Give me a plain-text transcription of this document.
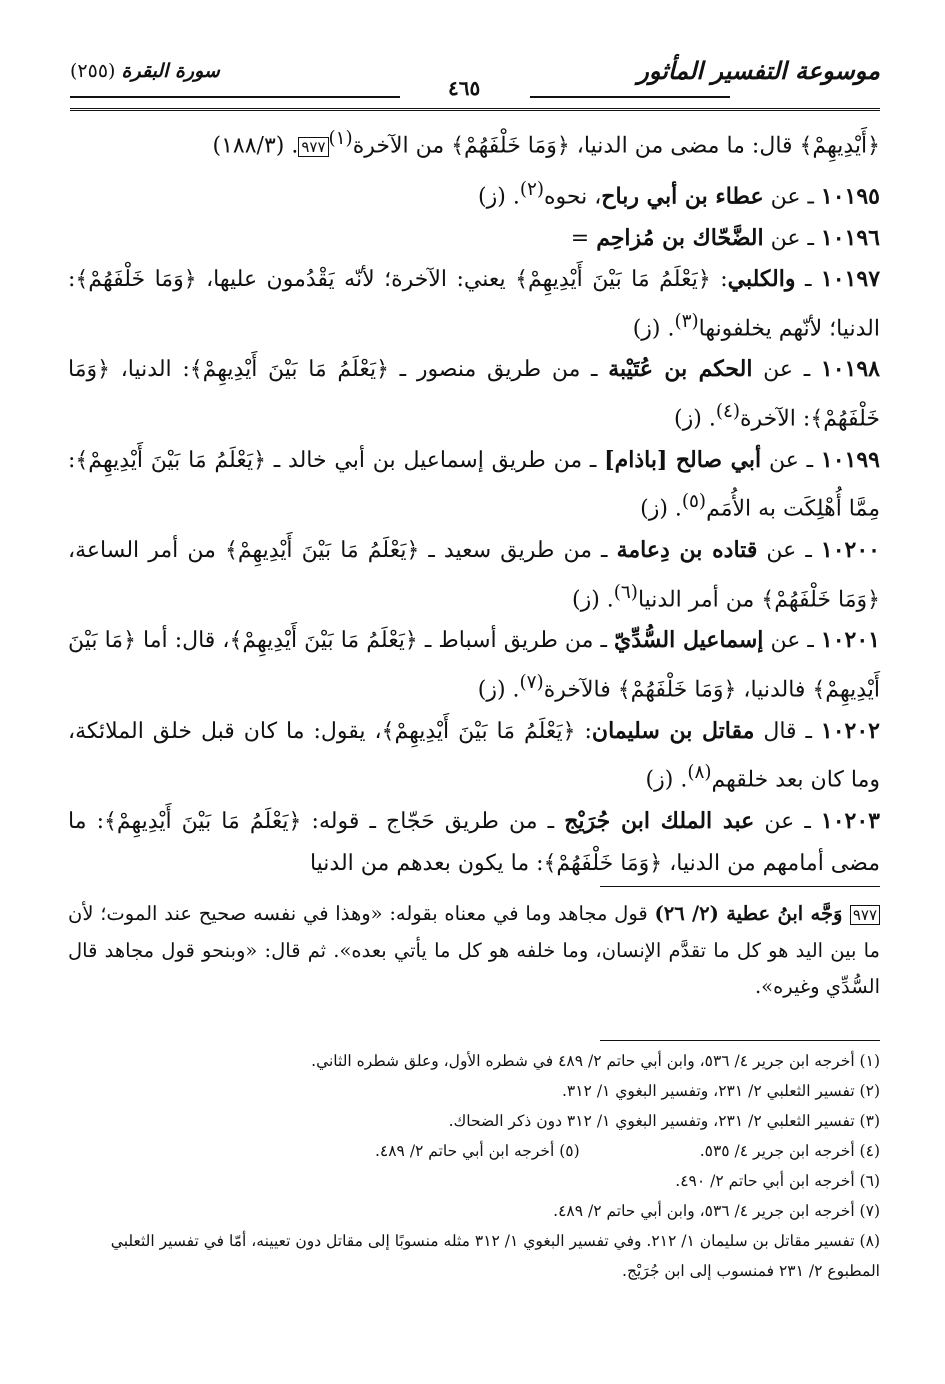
موسوعة التفسير المأثور
سورة البقرة (٢٥٥)
٤٦٥

﴿أَيْدِيهِمْ﴾ قال: ما مضى من الدنيا، ﴿وَمَا خَلْفَهُمْ﴾ من الآخرة$^{(١)}$٩٧٧. (١٨٨/٣)

١٠١٩٥ ـ عن عطاء بن أبي رباح، نحوه$^{(٢)}$. (ز)

١٠١٩٦ ـ عن الضَّحّاك بن مُزاحِم =

١٠١٩٧ ـ والكلبي: ﴿يَعْلَمُ مَا بَيْنَ أَيْدِيهِمْ﴾ يعني: الآخرة؛ لأنّه يَقْدُمون عليها، ﴿وَمَا خَلْفَهُمْ﴾: الدنيا؛ لأنّهم يخلفونها$^{(٣)}$. (ز)

١٠١٩٨ ـ عن الحكم بن عُتَيْبة ـ من طريق منصور ـ ﴿يَعْلَمُ مَا بَيْنَ أَيْدِيهِمْ﴾: الدنيا، ﴿وَمَا خَلْفَهُمْ﴾: الآخرة$^{(٤)}$. (ز)

١٠١٩٩ ـ عن أبي صالح [باذام] ـ من طريق إسماعيل بن أبي خالد ـ ﴿يَعْلَمُ مَا بَيْنَ أَيْدِيهِمْ﴾: مِمَّا أُهْلِكَت به الأُمَم$^{(٥)}$. (ز)

١٠٢٠٠ ـ عن قتاده بن دِعامة ـ من طريق سعيد ـ ﴿يَعْلَمُ مَا بَيْنَ أَيْدِيهِمْ﴾ من أمر الساعة، ﴿وَمَا خَلْفَهُمْ﴾ من أمر الدنيا$^{(٦)}$. (ز)

١٠٢٠١ ـ عن إسماعيل السُّدِّيّ ـ من طريق أسباط ـ ﴿يَعْلَمُ مَا بَيْنَ أَيْدِيهِمْ﴾، قال: أما ﴿مَا بَيْنَ أَيْدِيهِمْ﴾ فالدنيا، ﴿وَمَا خَلْفَهُمْ﴾ فالآخرة$^{(٧)}$. (ز)

١٠٢٠٢ ـ قال مقاتل بن سليمان: ﴿يَعْلَمُ مَا بَيْنَ أَيْدِيهِمْ﴾، يقول: ما كان قبل خلق الملائكة، وما كان بعد خلقهم$^{(٨)}$. (ز)

١٠٢٠٣ ـ عن عبد الملك ابن جُرَيْج ـ من طريق حَجّاج ـ قوله: ﴿يَعْلَمُ مَا بَيْنَ أَيْدِيهِمْ﴾: ما مضى أمامهم من الدنيا، ﴿وَمَا خَلْفَهُمْ﴾: ما يكون بعدهم من الدنيا

٩٧٧ وَجَّه ابنُ عطية (٢/ ٢٦) قول مجاهد وما في معناه بقوله: «وهذا في نفسه صحيح عند الموت؛ لأن ما بين اليد هو كل ما تقدَّم الإنسان، وما خلفه هو كل ما يأتي بعده». ثم قال: «وبنحو قول مجاهد قال السُّدِّي وغيره».

(١) أخرجه ابن جرير ٤/ ٥٣٦، وابن أبي حاتم ٢/ ٤٨٩ في شطره الأول، وعلق شطره الثاني.

(٢) تفسير الثعلبي ٢/ ٢٣١، وتفسير البغوي ١/ ٣١٢.

(٣) تفسير الثعلبي ٢/ ٢٣١، وتفسير البغوي ١/ ٣١٢ دون ذكر الضحاك.

(٤) أخرجه ابن جرير ٤/ ٥٣٥.
(٥) أخرجه ابن أبي حاتم ٢/ ٤٨٩.

(٦) أخرجه ابن أبي حاتم ٢/ ٤٩٠.

(٧) أخرجه ابن جرير ٤/ ٥٣٦، وابن أبي حاتم ٢/ ٤٨٩.

(٨) تفسير مقاتل بن سليمان ١/ ٢١٢. وفي تفسير البغوي ١/ ٣١٢ مثله منسوبًا إلى مقاتل دون تعيينه، أمّا في تفسير الثعلبي المطبوع ٢/ ٢٣١ فمنسوب إلى ابن جُرَيْج.
